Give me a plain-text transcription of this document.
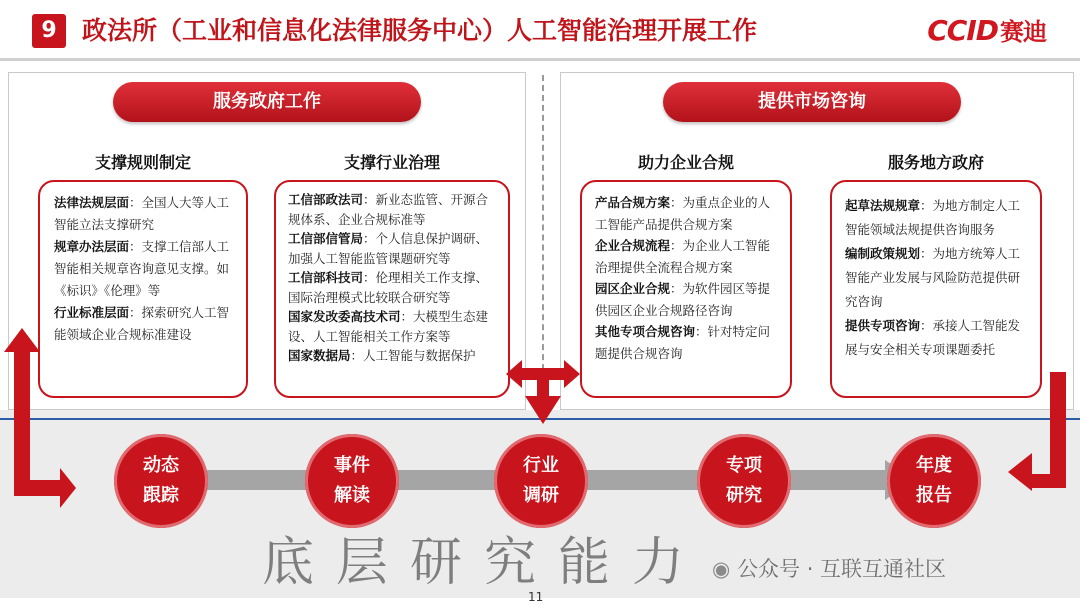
9	政法所（工业和信息化法律服务中心）人工智能治理开展工作	CCID赛迪
服务政府工作
支撑规则制定	支撑行业治理

法律法规层面：全国人大等人工智能立法支撑研究

规章办法层面：支撑工信部人工智能相关规章咨询意见支撑。如《标识》《伦理》等

行业标准层面：探索研究人工智能领域企业合规标准建设

工信部政法司：新业态监管、开源合规体系、企业合规标准等

工信部信管局：个人信息保护调研、加强人工智能监管课题研究等

工信部科技司：伦理相关工作支撑、国际治理模式比较联合研究等

国家发改委高技术司：大模型生态建设、人工智能相关工作方案等

国家数据局：人工智能与数据保护

提供市场咨询
助力企业合规	服务地方政府

产品合规方案：为重点企业的人工智能产品提供合规方案

企业合规流程：为企业人工智能治理提供全流程合规方案

园区企业合规：为软件园区等提供园区企业合规路径咨询

其他专项合规咨询：针对特定问题提供合规咨询

起草法规规章：为地方制定人工智能领域法规提供咨询服务

编制政策规划：为地方统筹人工智能产业发展与风险防范提供研究咨询

提供专项咨询：承接人工智能发展与安全相关专项课题委托

动态
跟踪
事件
解读
行业
调研
专项
研究
年度
报告
底层研究能力 ◉ 公众号 · 互联互通社区
11
